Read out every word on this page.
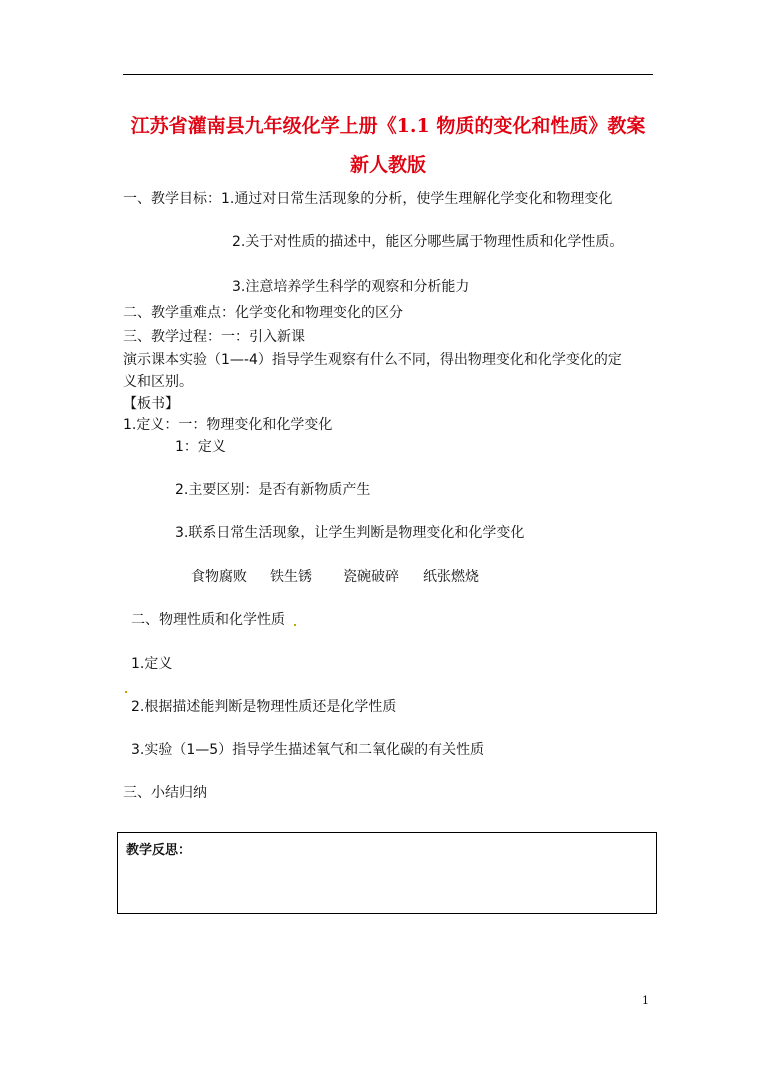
江苏省灌南县九年级化学上册《1.1 物质的变化和性质》教案
新人教版
一、教学目标：1.通过对日常生活现象的分析，使学生理解化学变化和物理变化
2.关于对性质的描述中，能区分哪些属于物理性质和化学性质。
3.注意培养学生科学的观察和分析能力
二、教学重难点：化学变化和物理变化的区分
三、教学过程：一：引入新课
演示课本实验（1—-4）指导学生观察有什么不同，得出物理变化和化学变化的定
义和区别。
【板书】
1.定义：一：物理变化和化学变化
1：定义
2.主要区别：是否有新物质产生
3.联系日常生活现象，让学生判断是物理变化和化学变化
食物腐败 铁生锈 瓷碗破碎 纸张燃烧
二、物理性质和化学性质
1.定义
2.根据描述能判断是物理性质还是化学性质
3.实验（1—5）指导学生描述氧气和二氧化碳的有关性质
三、小结归纳
教学反思：
1
